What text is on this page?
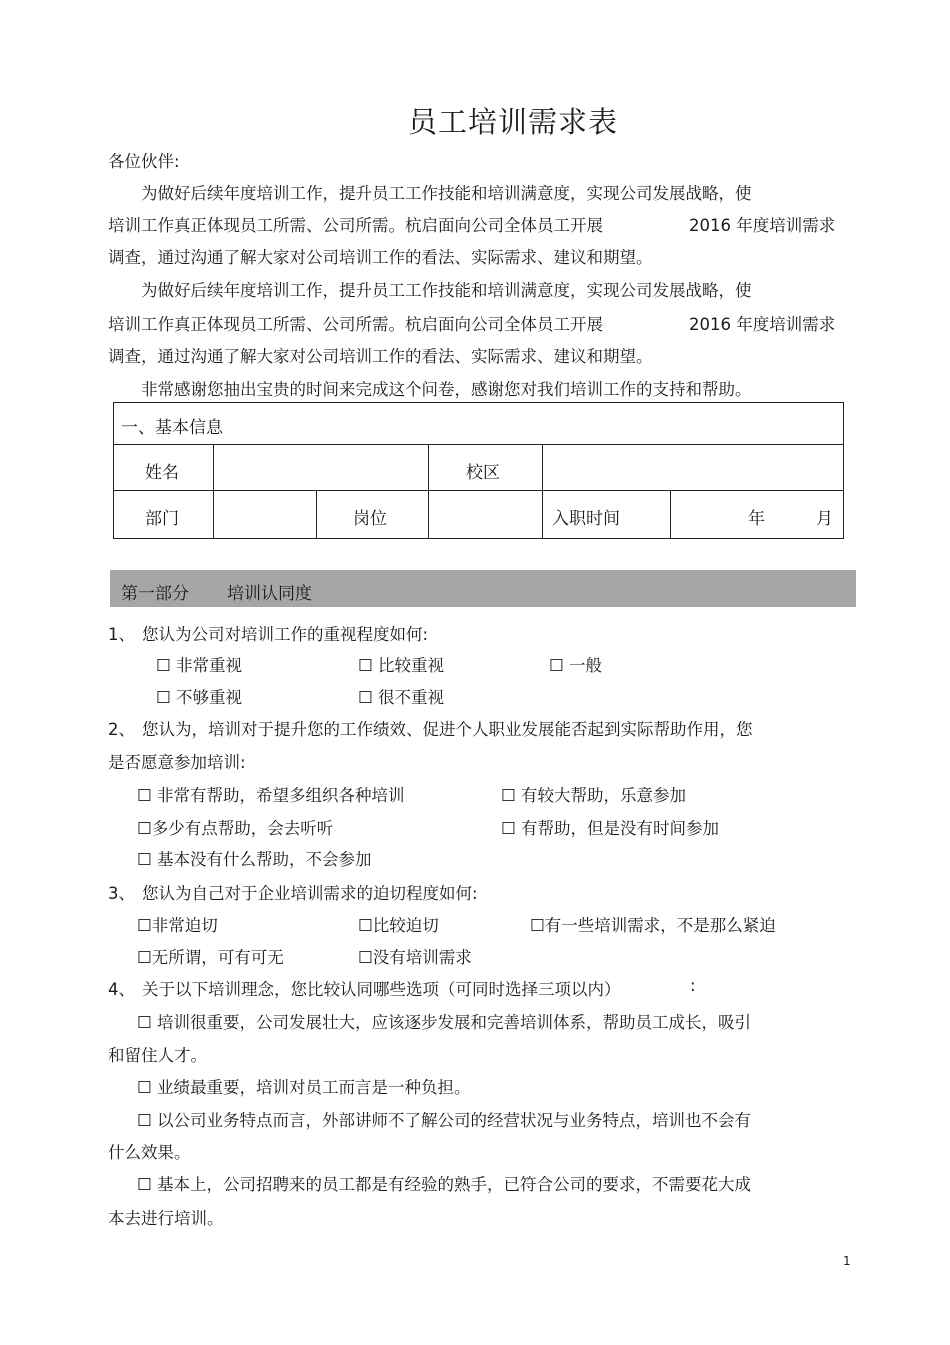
员工培训需求表
各位伙伴:
为做好后续年度培训工作，提升员工工作技能和培训满意度，实现公司发展战略，使
培训工作真正体现员工所需、公司所需。杭启面向公司全体员工开展	2016 年度培训需求
调查，通过沟通了解大家对公司培训工作的看法、实际需求、建议和期望。
为做好后续年度培训工作，提升员工工作技能和培训满意度，实现公司发展战略，使
培训工作真正体现员工所需、公司所需。杭启面向公司全体员工开展	2016 年度培训需求
调查，通过沟通了解大家对公司培训工作的看法、实际需求、建议和期望。
非常感谢您抽出宝贵的时间来完成这个问卷，感谢您对我们培训工作的支持和帮助。
一、基本信息
姓名	校区
部门	岗位	入职时间	年	月
第一部分 培训认同度
1、 您认为公司对培训工作的重视程度如何:
☐ 非常重视	☐ 比较重视	☐ 一般
☐ 不够重视	☐ 很不重视
2、 您认为，培训对于提升您的工作绩效、促进个人职业发展能否起到实际帮助作用，您
是否愿意参加培训:
☐ 非常有帮助，希望多组织各种培训	☐ 有较大帮助，乐意参加
☐多少有点帮助，会去听听	☐ 有帮助，但是没有时间参加
☐ 基本没有什么帮助，不会参加
3、 您认为自己对于企业培训需求的迫切程度如何:
☐非常迫切	☐比较迫切	☐有一些培训需求，不是那么紧迫
☐无所谓，可有可无	☐没有培训需求
4、 关于以下培训理念，您比较认同哪些选项（可同时选择三项以内）	:
☐ 培训很重要，公司发展壮大，应该逐步发展和完善培训体系，帮助员工成长，吸引
和留住人才。
☐ 业绩最重要，培训对员工而言是一种负担。
☐ 以公司业务特点而言，外部讲师不了解公司的经营状况与业务特点，培训也不会有
什么效果。
☐ 基本上，公司招聘来的员工都是有经验的熟手，已符合公司的要求，不需要花大成
本去进行培训。
1
